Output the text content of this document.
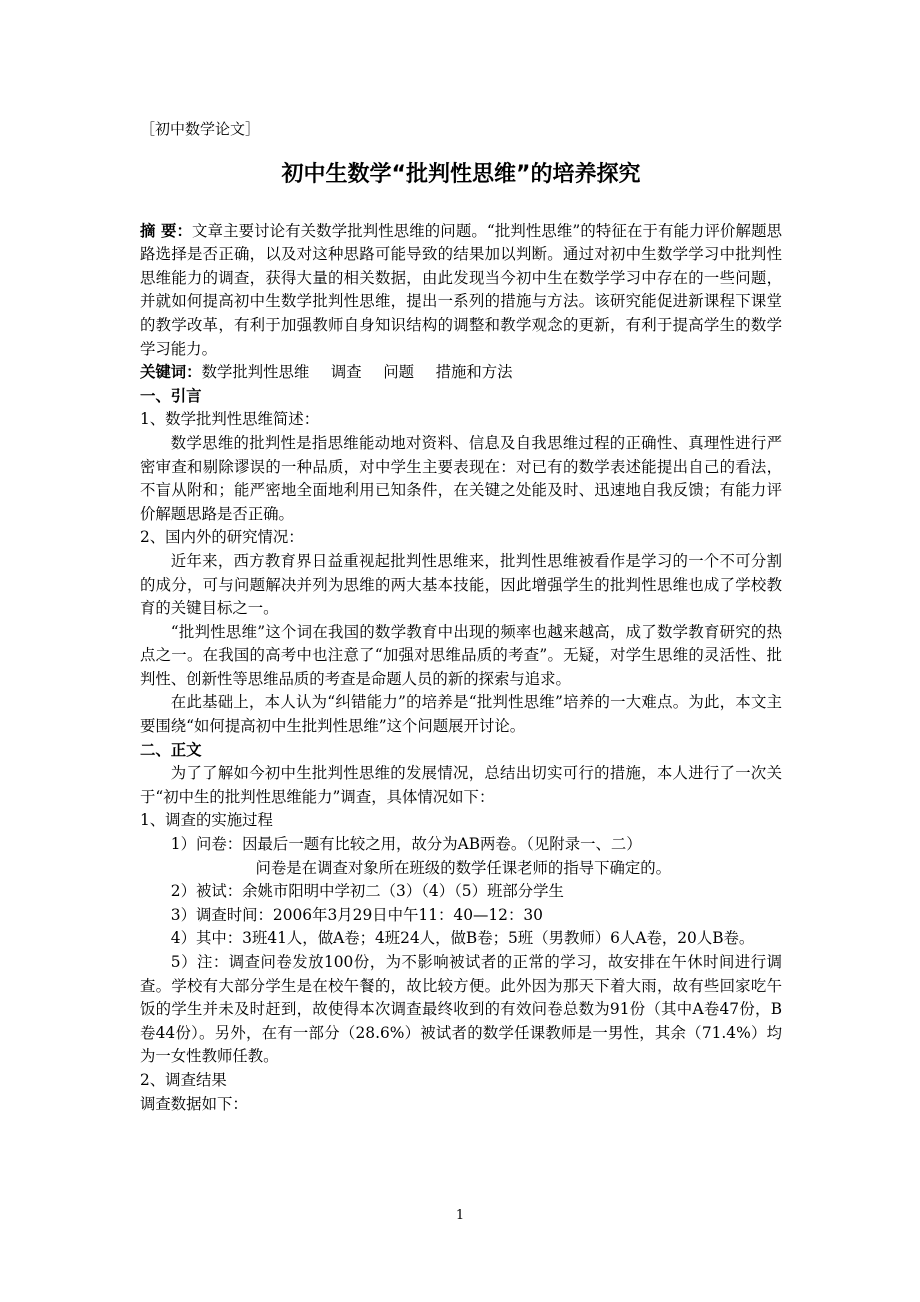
［初中数学论文］

初中生数学“批判性思维”的培养探究

摘 要：文章主要讨论有关数学批判性思维的问题。“批判性思维”的特征在于有能力评价解题思路选择是否正确，以及对这种思路可能导致的结果加以判断。通过对初中生数学学习中批判性思维能力的调查，获得大量的相关数据，由此发现当今初中生在数学学习中存在的一些问题，并就如何提高初中生数学批判性思维，提出一系列的措施与方法。该研究能促进新课程下课堂的教学改革，有利于加强教师自身知识结构的调整和教学观念的更新，有利于提高学生的数学学习能力。

关键词：数学批判性思维 调查 问题 措施和方法

一、引言

1、数学批判性思维简述：

数学思维的批判性是指思维能动地对资料、信息及自我思维过程的正确性、真理性进行严密审查和剔除谬误的一种品质，对中学生主要表现在：对已有的数学表述能提出自己的看法，不盲从附和；能严密地全面地利用已知条件，在关键之处能及时、迅速地自我反馈；有能力评价解题思路是否正确。

2、国内外的研究情况：

近年来，西方教育界日益重视起批判性思维来，批判性思维被看作是学习的一个不可分割的成分，可与问题解决并列为思维的两大基本技能，因此增强学生的批判性思维也成了学校教育的关键目标之一。

“批判性思维”这个词在我国的数学教育中出现的频率也越来越高，成了数学教育研究的热点之一。在我国的高考中也注意了“加强对思维品质的考查”。无疑，对学生思维的灵活性、批判性、创新性等思维品质的考查是命题人员的新的探索与追求。

在此基础上，本人认为“纠错能力”的培养是“批判性思维”培养的一大难点。为此，本文主要围绕“如何提高初中生批判性思维”这个问题展开讨论。

二、正文

为了了解如今初中生批判性思维的发展情况，总结出切实可行的措施，本人进行了一次关于“初中生的批判性思维能力”调查，具体情况如下：

1、调查的实施过程

1）问卷：因最后一题有比较之用，故分为AB两卷。（见附录一、二）

问卷是在调查对象所在班级的数学任课老师的指导下确定的。

2）被试：余姚市阳明中学初二（3）（4）（5）班部分学生

3）调查时间：2006年3月29日中午11：40—12：30

4）其中：3班41人，做A卷；4班24人，做B卷；5班（男教师）6人A卷，20人B卷。

5）注：调查问卷发放100份，为不影响被试者的正常的学习，故安排在午休时间进行调查。学校有大部分学生是在校午餐的，故比较方便。此外因为那天下着大雨，故有些回家吃午饭的学生并未及时赶到，故使得本次调查最终收到的有效问卷总数为91份（其中A卷47份，B卷44份）。另外，在有一部分（28.6%）被试者的数学任课教师是一男性，其余（71.4%）均为一女性教师任教。

2、调查结果

调查数据如下：

1
